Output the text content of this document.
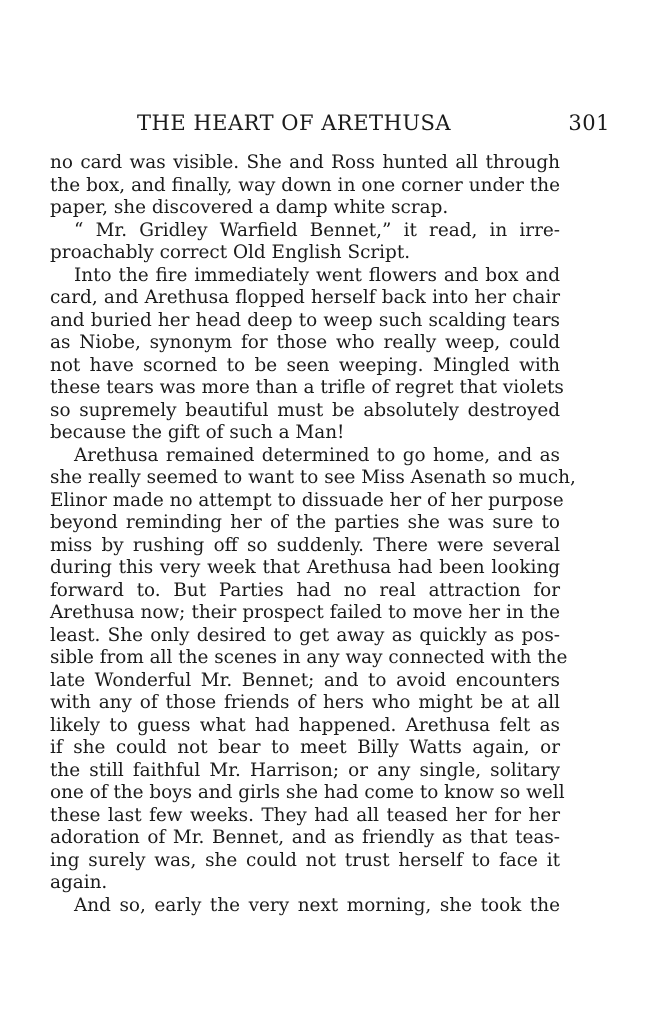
THE HEART OF ARETHUSA	301
no card was visible. She and Ross hunted all through
the box, and finally, way down in one corner under the
paper, she discovered a damp white scrap.
“ Mr. Gridley Warfield Bennet,” it read, in irre-
proachably correct Old English Script.
Into the fire immediately went flowers and box and
card, and Arethusa flopped herself back into her chair
and buried her head deep to weep such scalding tears
as Niobe, synonym for those who really weep, could
not have scorned to be seen weeping. Mingled with
these tears was more than a trifle of regret that violets
so supremely beautiful must be absolutely destroyed
because the gift of such a Man!
Arethusa remained determined to go home, and as
she really seemed to want to see Miss Asenath so much,
Elinor made no attempt to dissuade her of her purpose
beyond reminding her of the parties she was sure to
miss by rushing off so suddenly. There were several
during this very week that Arethusa had been looking
forward to. But Parties had no real attraction for
Arethusa now; their prospect failed to move her in the
least. She only desired to get away as quickly as pos-
sible from all the scenes in any way connected with the
late Wonderful Mr. Bennet; and to avoid encounters
with any of those friends of hers who might be at all
likely to guess what had happened. Arethusa felt as
if she could not bear to meet Billy Watts again, or
the still faithful Mr. Harrison; or any single, solitary
one of the boys and girls she had come to know so well
these last few weeks. They had all teased her for her
adoration of Mr. Bennet, and as friendly as that teas-
ing surely was, she could not trust herself to face it
again.
And so, early the very next morning, she took the
